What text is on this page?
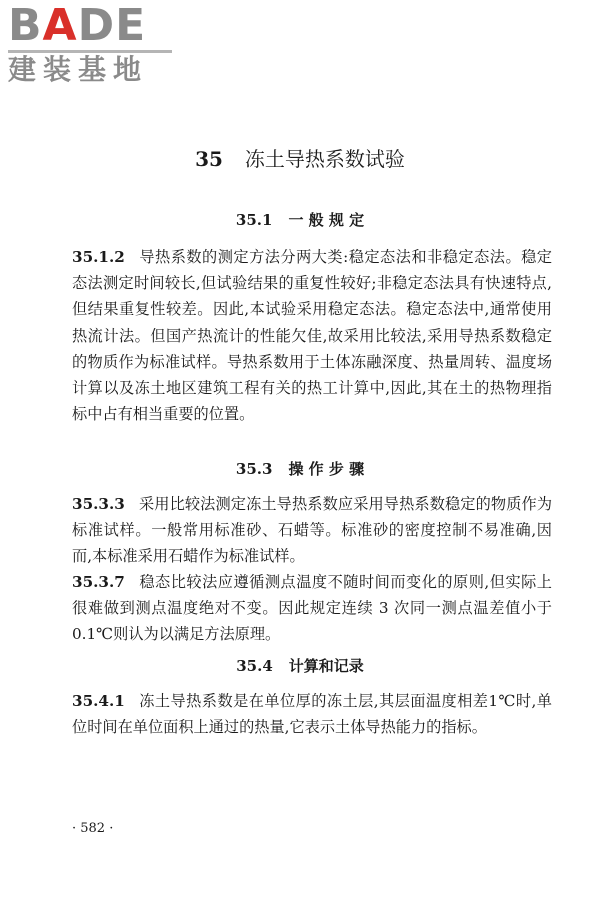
BADE
建装基地
35 冻土导热系数试验
35.1 一 般 规 定
35.1.2 导热系数的测定方法分两大类:稳定态法和非稳定态法。稳定态法测定时间较长,但试验结果的重复性较好;非稳定态法具有快速特点,但结果重复性较差。因此,本试验采用稳定态法。稳定态法中,通常使用热流计法。但国产热流计的性能欠佳,故采用比较法,采用导热系数稳定的物质作为标准试样。导热系数用于土体冻融深度、热量周转、温度场计算以及冻土地区建筑工程有关的热工计算中,因此,其在土的热物理指标中占有相当重要的位置。
35.3 操 作 步 骤
35.3.3 采用比较法测定冻土导热系数应采用导热系数稳定的物质作为标准试样。一般常用标准砂、石蜡等。标准砂的密度控制不易准确,因而,本标准采用石蜡作为标准试样。
35.3.7 稳态比较法应遵循测点温度不随时间而变化的原则,但实际上很难做到测点温度绝对不变。因此规定连续 3 次同一测点温差值小于 0.1℃则认为以满足方法原理。
35.4 计算和记录
35.4.1 冻土导热系数是在单位厚的冻土层,其层面温度相差1℃时,单位时间在单位面积上通过的热量,它表示土体导热能力的指标。
· 582 ·
